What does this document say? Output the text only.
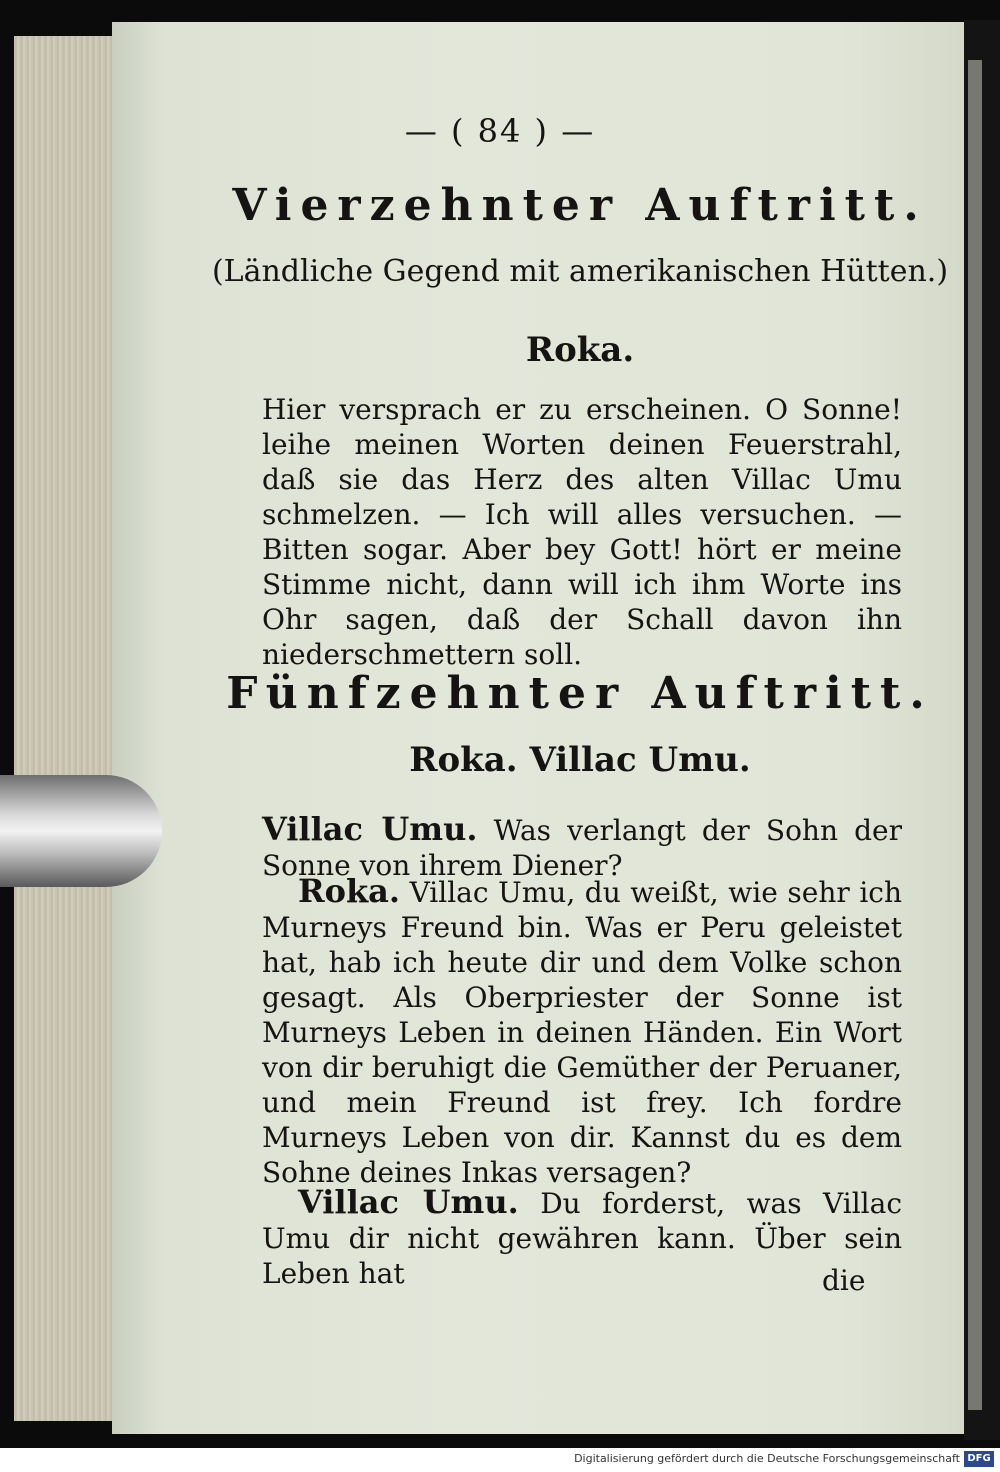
— ( 84 ) —
Vierzehnter Auftritt.
(Ländliche Gegend mit amerikanischen Hütten.)
Roka.

Hier versprach er zu erscheinen. O Sonne! leihe meinen Worten deinen Feuerstrahl, daß sie das Herz des alten Villac Umu schmelzen. — Ich will alles versuchen. — Bitten sogar. Aber bey Gott! hört er meine Stimme nicht, dann will ich ihm Worte ins Ohr sagen, daß der Schall davon ihn niederschmettern soll.

Fünfzehnter Auftritt.
Roka. Villac Umu.

Villac Umu. Was verlangt der Sohn der Sonne von ihrem Diener?

Roka. Villac Umu, du weißt, wie sehr ich Murneys Freund bin. Was er Peru geleistet hat, hab ich heute dir und dem Volke schon gesagt. Als Oberpriester der Sonne ist Murneys Leben in deinen Händen. Ein Wort von dir beruhigt die Gemüther der Peruaner, und mein Freund ist frey. Ich fordre Murneys Leben von dir. Kannst du es dem Sohne deines Inkas versagen?

Villac Umu. Du forderst, was Villac Umu dir nicht gewähren kann. Über sein Leben hat	die
Digitalisierung gefördert durch die Deutsche Forschungsgemeinschaft DFG
